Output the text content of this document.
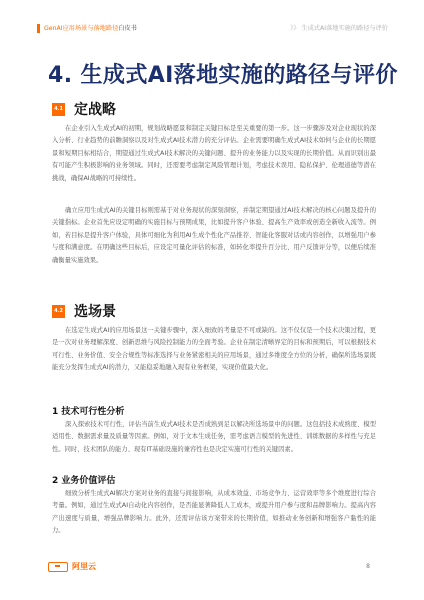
GenAI应用场景与落地路径白皮书	》》 生成式AI落地实施的路径与评价
4. 生成式AI落地实施的路径与评价
4.1 定战略

在企业引入生成式AI的初期，规划战略愿景和制定关键目标是至关重要的第一步。这一步骤涉及对企业现状的深入分析、行业趋势的前瞻洞察以及对生成式AI技术潜力的充分评估。企业需要明确生成式AI技术如何与企业的长期愿景和短期目标相结合，期望通过生成式AI技术解决的关键问题、提升的业务能力以及实现的长期价值。从而识别出最有可能产生积极影响的业务领域。同时，还需要考虑制定风险管理计划，考虑技术误用、隐私保护、伦理道德等潜在挑战，确保AI战略的可持续性。

确立应用生成式AI的关键目标则需基于对业务现状的深刻洞察，并制定期望通过AI技术解决的核心问题及提升的关键指标。企业首先应设定明确的实施目标与预期成果，比如提升客户体验、提高生产效率或创造全新收入流等。例如，若目标是提升客户体验，具体可细化为利用AI生成个性化产品推荐、智能化客服对话或内容创作，以增强用户参与度和满意度。在明确这些目标后，应设定可量化评估的标准，如转化率提升百分比、用户反馈评分等，以便后续准确衡量实施效果。

4.2 选场景

在选定生成式AI的应用场景这一关键步骤中，深入细致的考量是不可或缺的。这不仅仅是一个技术决策过程，更是一次对业务理解深度、创新思维与风险控制能力的全面考验。企业在制定清晰界定的目标和预期后，可以根据技术可行性、业务价值、安全合规性等标准选择与业务紧密相关的应用场景，通过多维度全方位的分析，确保所选场景既能充分发挥生成式AI的潜力，又能稳妥地融入现有业务框架，实现价值最大化。

1 技术可行性分析

深入探索技术可行性，评估当前生成式AI技术是否成熟到足以解决所选场景中的问题。这包括技术成熟度、模型适用性、数据需求量及质量等因素。例如，对于文本生成任务，需考虑语言模型的先进性、训练数据的多样性与充足性。同时，技术团队的能力、现有IT基础设施的兼容性也是决定实施可行性的关键因素。

2 业务价值评估

细致分析生成式AI解决方案对业务的直接与间接影响，从成本效益、市场竞争力、运营效率等多个维度进行综合考量。例如，通过生成式AI自动化内容创作，是否能显著降低人工成本，或提升用户参与度和品牌影响力。提高内容产出速度与质量，增强品牌影响力。此外，还需评估该方案带来的长期价值，如推动业务创新和增强客户黏性的能力。

阿里云	8
